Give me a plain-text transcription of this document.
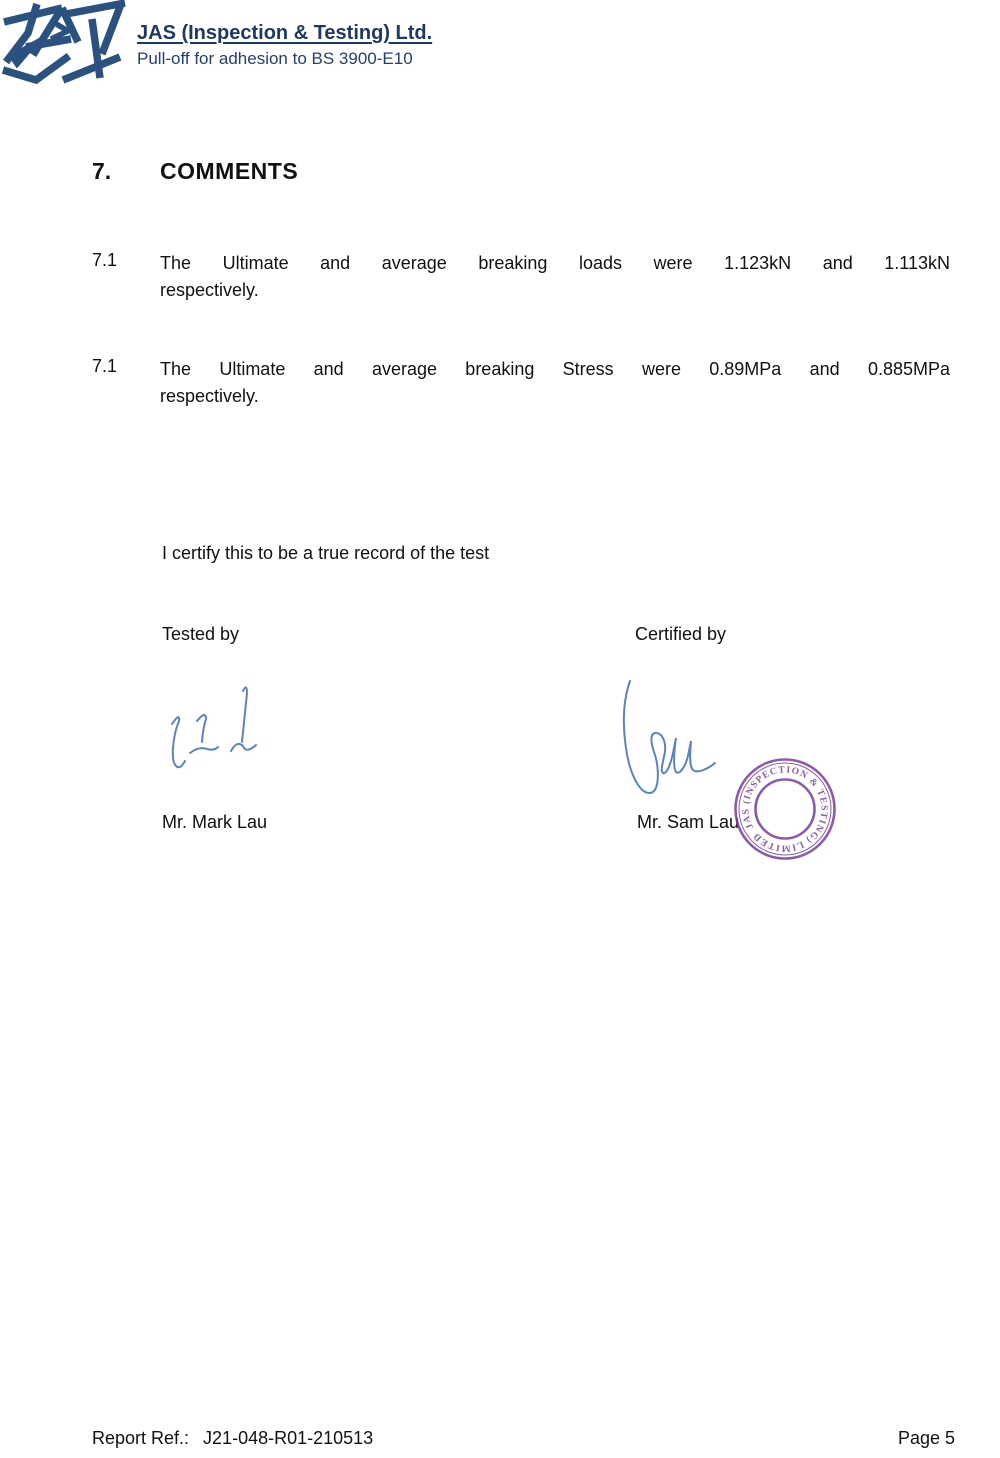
JAS (Inspection & Testing) Ltd.
Pull-off for adhesion to BS 3900-E10
7. COMMENTS
7.1 The Ultimate and average breaking loads were 1.123kN and 1.113kN
respectively.
7.1 The Ultimate and average breaking Stress were 0.89MPa and 0.885MPa
respectively.
I certify this to be a true record of the test
Tested by	Certified by
Mr. Mark Lau	Mr. Sam Lau JAS (INSPECTION & TESTING) LIMITED
Report Ref.: J21-048-R01-210513	Page 5
